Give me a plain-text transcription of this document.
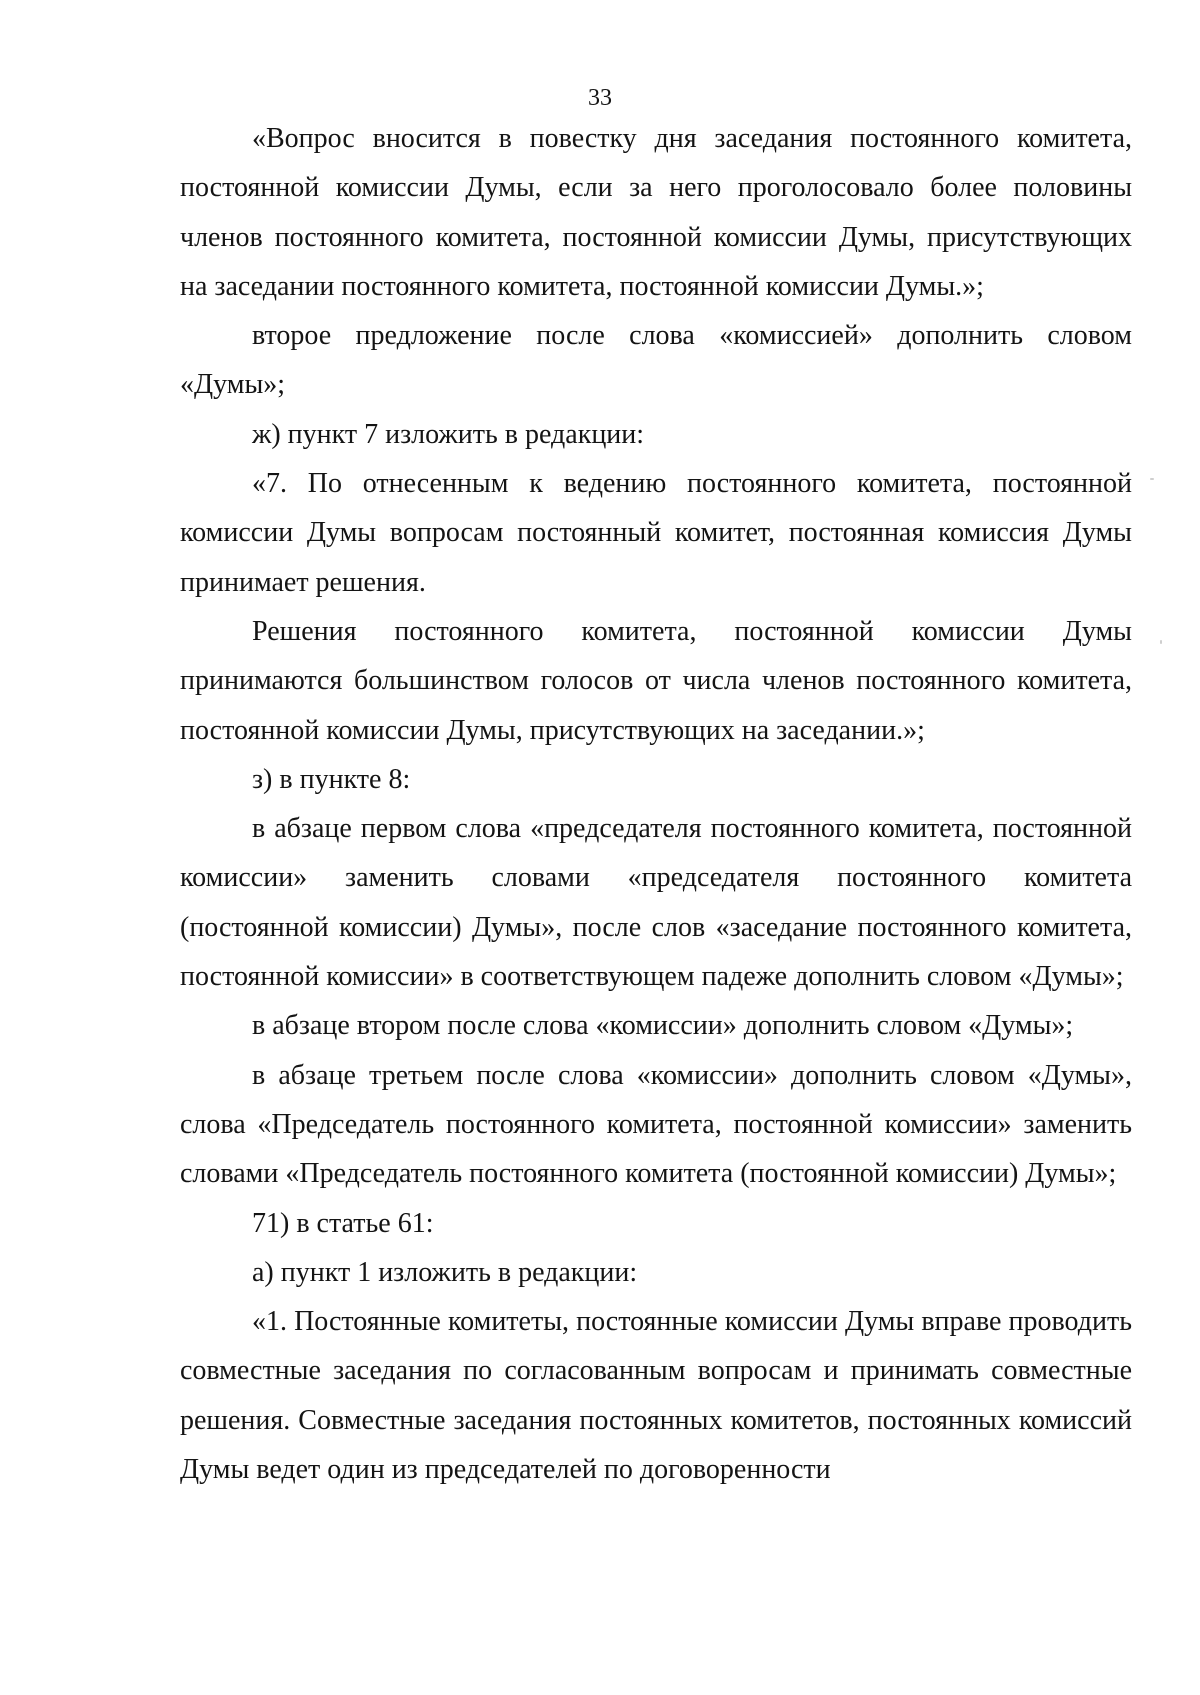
33

«Вопрос вносится в повестку дня заседания постоянного комитета, постоянной комиссии Думы, если за него проголосовало более половины членов постоянного комитета, постоянной комиссии Думы, присутствующих на заседании постоянного комитета, постоянной комиссии Думы.»;

второе предложение после слова «комиссией» дополнить словом «Думы»;

ж) пункт 7 изложить в редакции:

«7. По отнесенным к ведению постоянного комитета, постоянной комиссии Думы вопросам постоянный комитет, постоянная комиссия Думы принимает решения.

Решения постоянного комитета, постоянной комиссии Думы принимаются большинством голосов от числа членов постоянного комитета, постоянной комиссии Думы, присутствующих на заседании.»;

з) в пункте 8:

в абзаце первом слова «председателя постоянного комитета, постоянной комиссии» заменить словами «председателя постоянного комитета (постоянной комиссии) Думы», после слов «заседание постоянного комитета, постоянной комиссии» в соответствующем падеже дополнить словом «Думы»;

в абзаце втором после слова «комиссии» дополнить словом «Думы»;

в абзаце третьем после слова «комиссии» дополнить словом «Думы», слова «Председатель постоянного комитета, постоянной комиссии» заменить словами «Председатель постоянного комитета (постоянной комиссии) Думы»;

71) в статье 61:

а) пункт 1 изложить в редакции:

«1. Постоянные комитеты, постоянные комиссии Думы вправе проводить совместные заседания по согласованным вопросам и принимать совместные решения. Совместные заседания постоянных комитетов, постоянных комиссий Думы ведет один из председателей по договоренности
